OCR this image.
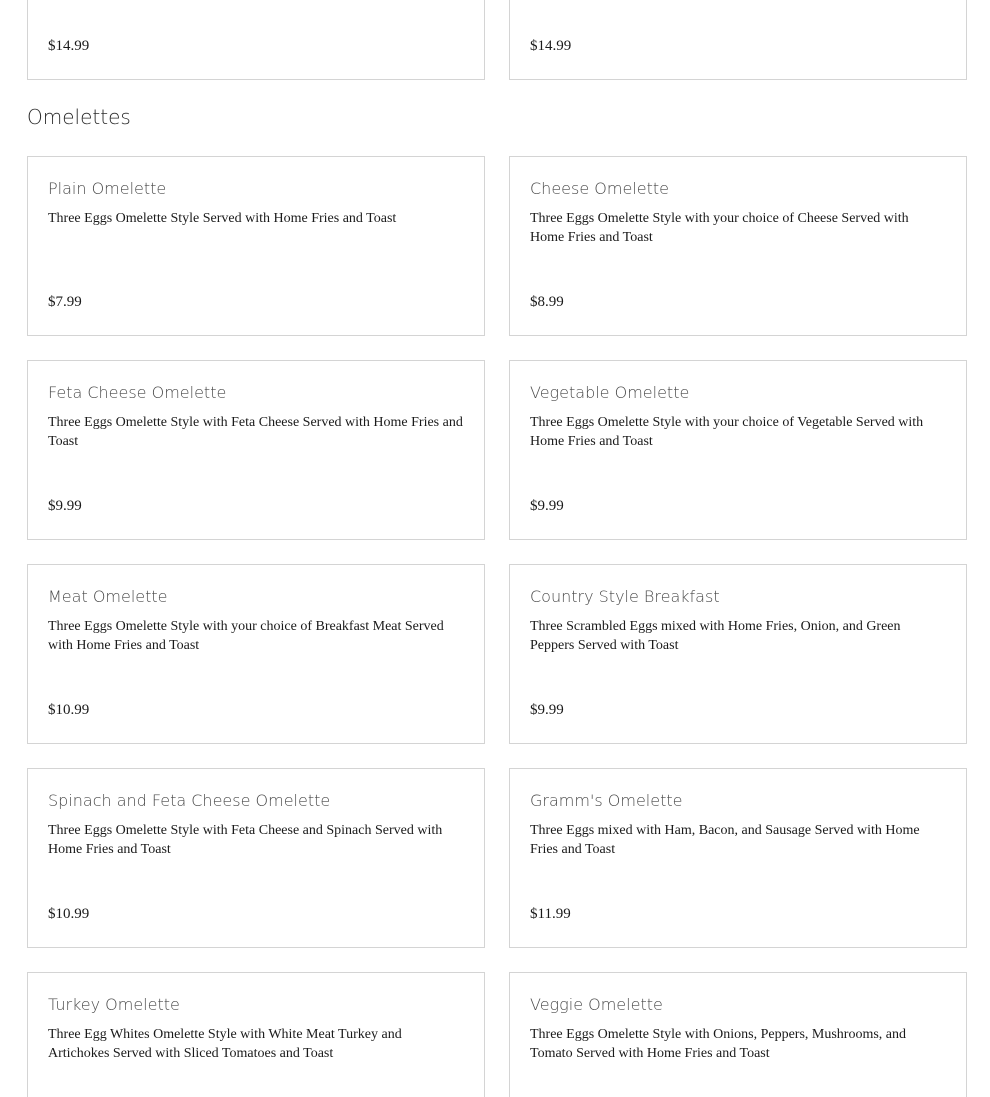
$14.99	$14.99
Omelettes
Plain Omelette
Three Eggs Omelette Style Served with Home Fries and Toast
$7.99
Cheese Omelette
Three Eggs Omelette Style with your choice of Cheese Served with Home Fries and Toast
$8.99
Feta Cheese Omelette
Three Eggs Omelette Style with Feta Cheese Served with Home Fries and Toast
$9.99
Vegetable Omelette
Three Eggs Omelette Style with your choice of Vegetable Served with Home Fries and Toast
$9.99
Meat Omelette
Three Eggs Omelette Style with your choice of Breakfast Meat Served with Home Fries and Toast
$10.99
Country Style Breakfast
Three Scrambled Eggs mixed with Home Fries, Onion, and Green Peppers Served with Toast
$9.99
Spinach and Feta Cheese Omelette
Three Eggs Omelette Style with Feta Cheese and Spinach Served with Home Fries and Toast
$10.99
Gramm's Omelette
Three Eggs mixed with Ham, Bacon, and Sausage Served with Home Fries and Toast
$11.99
Turkey Omelette
Three Egg Whites Omelette Style with White Meat Turkey and Artichokes Served with Sliced Tomatoes and Toast
Veggie Omelette
Three Eggs Omelette Style with Onions, Peppers, Mushrooms, and Tomato Served with Home Fries and Toast
